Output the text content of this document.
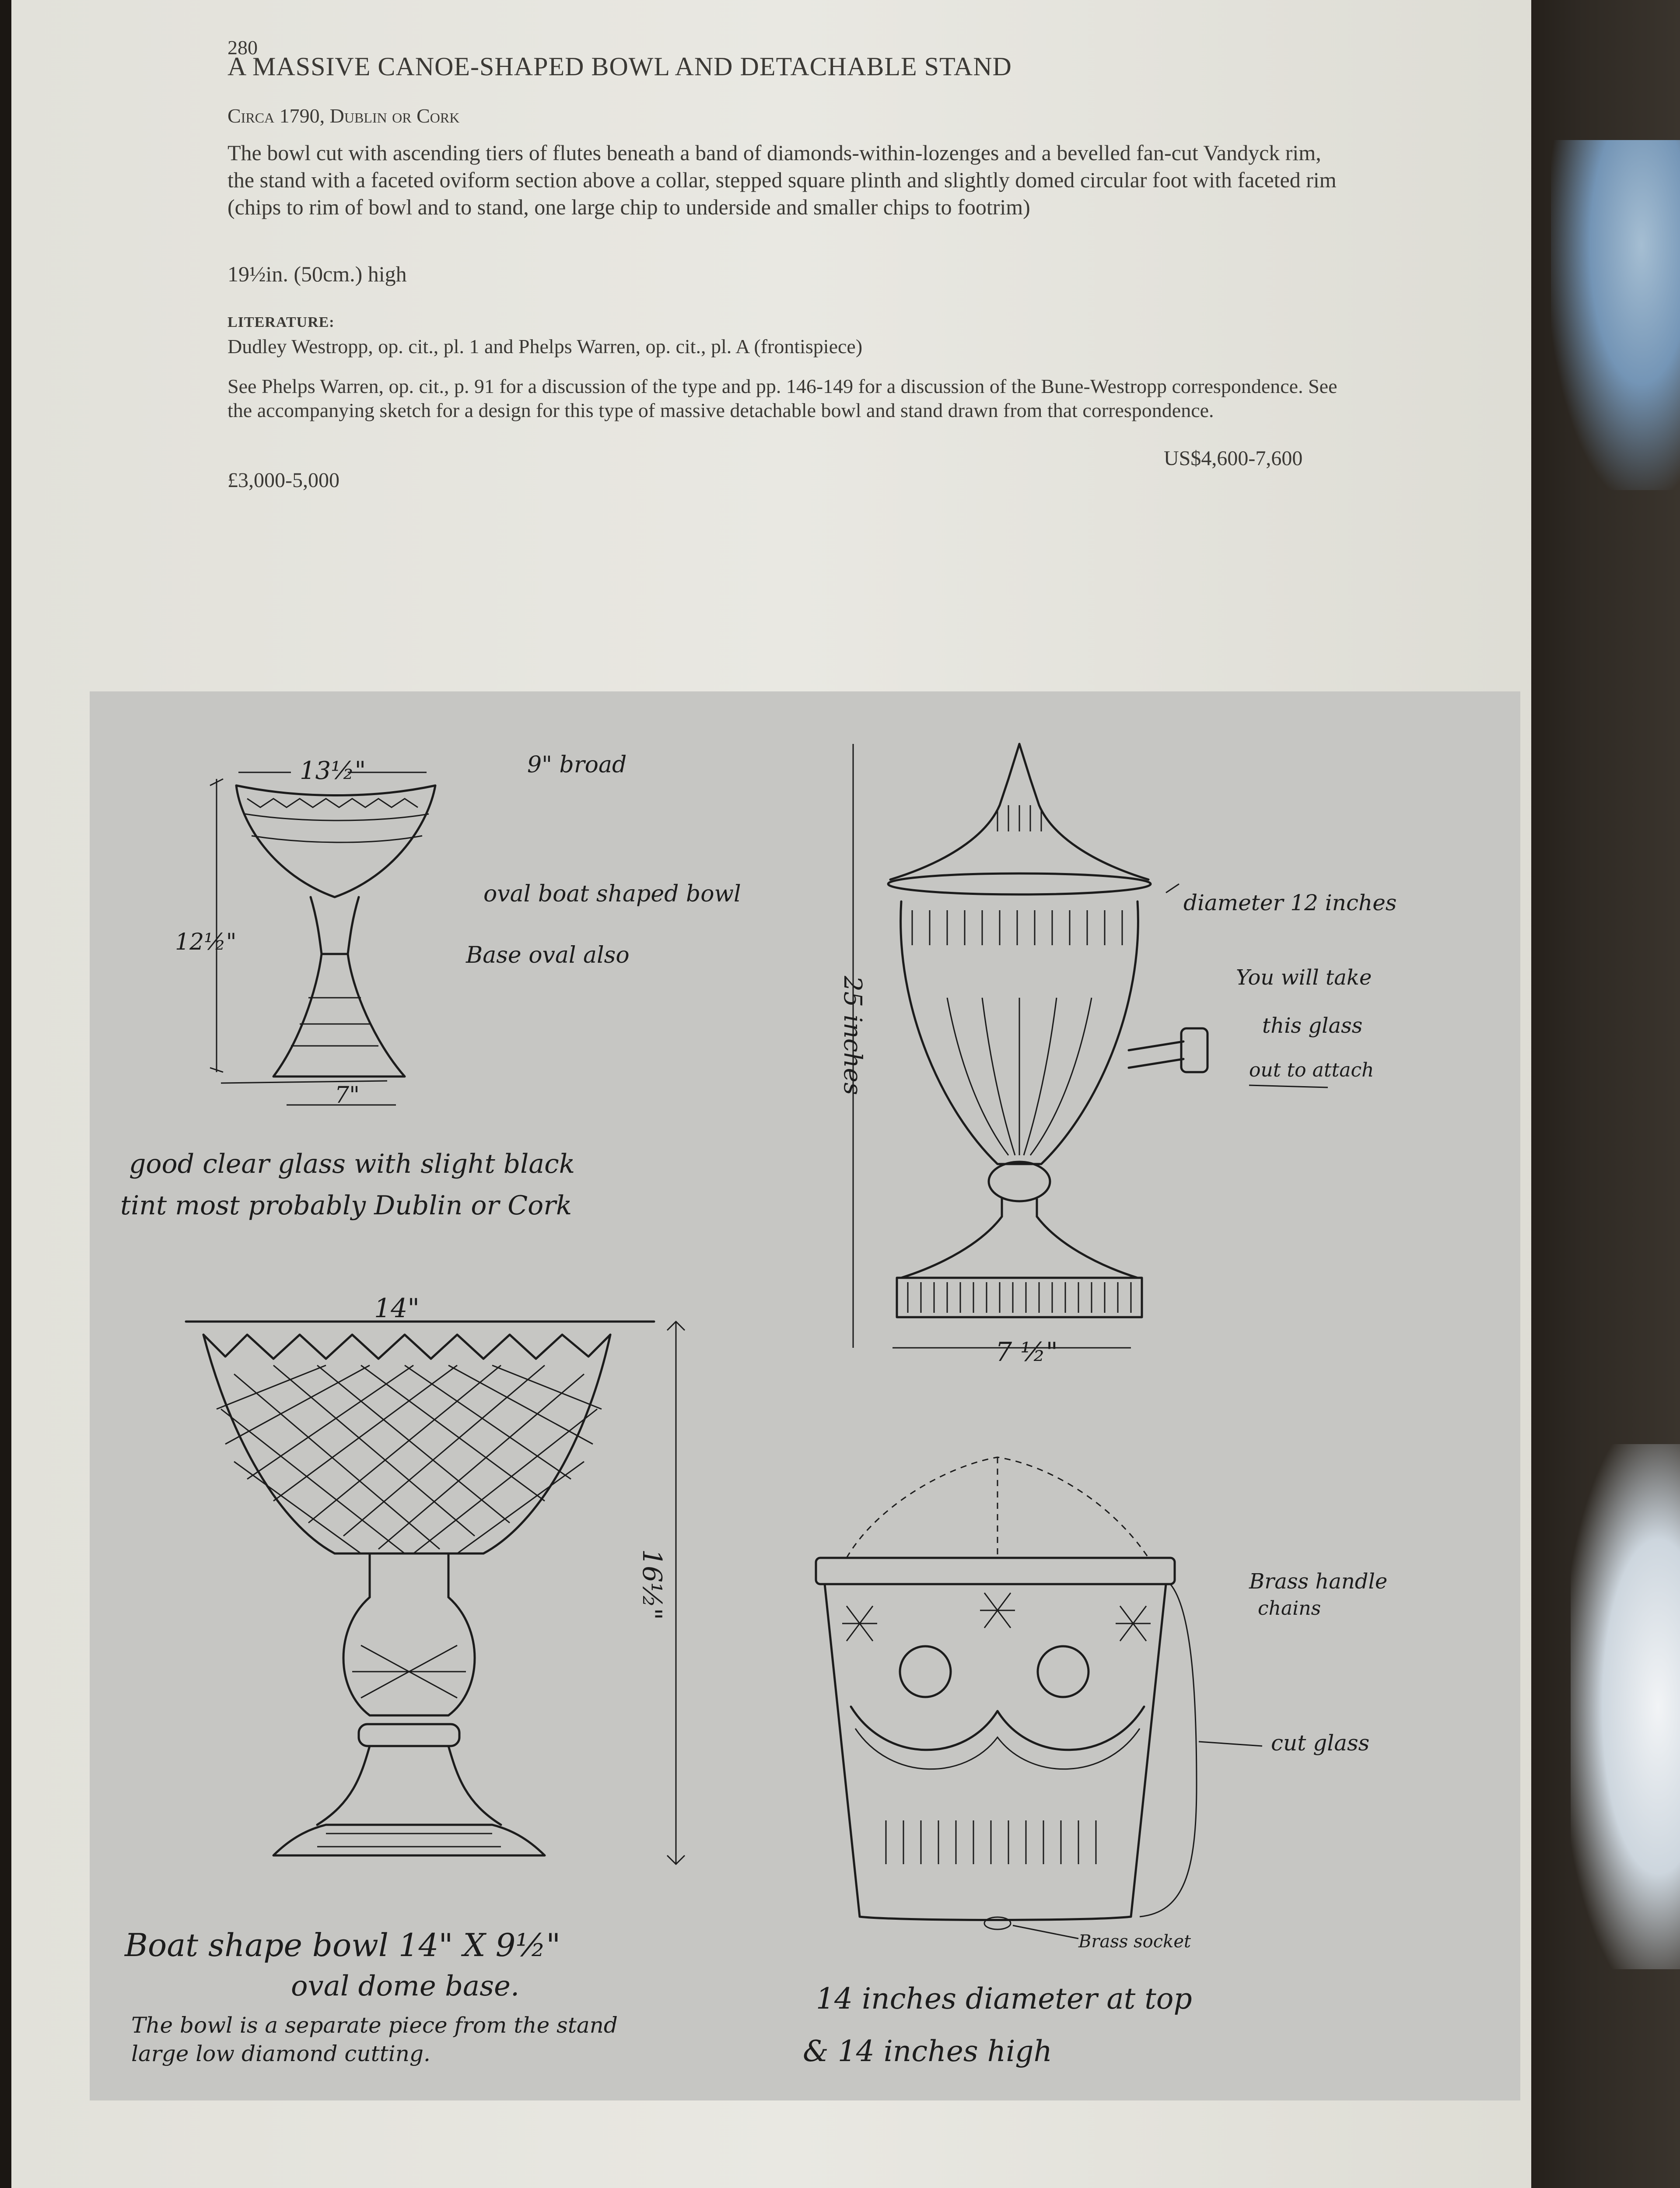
280
A MASSIVE CANOE-SHAPED BOWL AND DETACHABLE STAND
Circa 1790, Dublin or Cork
The bowl cut with ascending tiers of flutes beneath a band of diamonds-within-lozenges and a bevelled fan-cut Vandyck rim, the stand with a faceted oviform section above a collar, stepped square plinth and slightly domed circular foot with faceted rim (chips to rim of bowl and to stand, one large chip to underside and smaller chips to footrim)
19½in. (50cm.) high
LITERATURE:
Dudley Westropp, op. cit., pl. 1 and Phelps Warren, op. cit., pl. A (frontispiece)
See Phelps Warren, op. cit., p. 91 for a discussion of the type and pp. 146-149 for a discussion of the Bune-Westropp correspondence. See the accompanying sketch for a design for this type of massive detachable bowl and stand drawn from that correspondence.
US$4,600-7,600
£3,000-5,000
13½"	9" broad
12½"
7"
oval boat shaped bowl
Base oval also
good clear glass with slight black
tint most probably Dublin or Cork
diameter 12 inches
25 inches
7 ½"
You will take
this glass
out to attach
14"
16½"
Boat shape bowl 14" X 9½"
oval dome base.
The bowl is a separate piece from the stand
large low diamond cutting.
Brass handle
chains
cut glass
Brass socket
14 inches diameter at top
& 14 inches high
